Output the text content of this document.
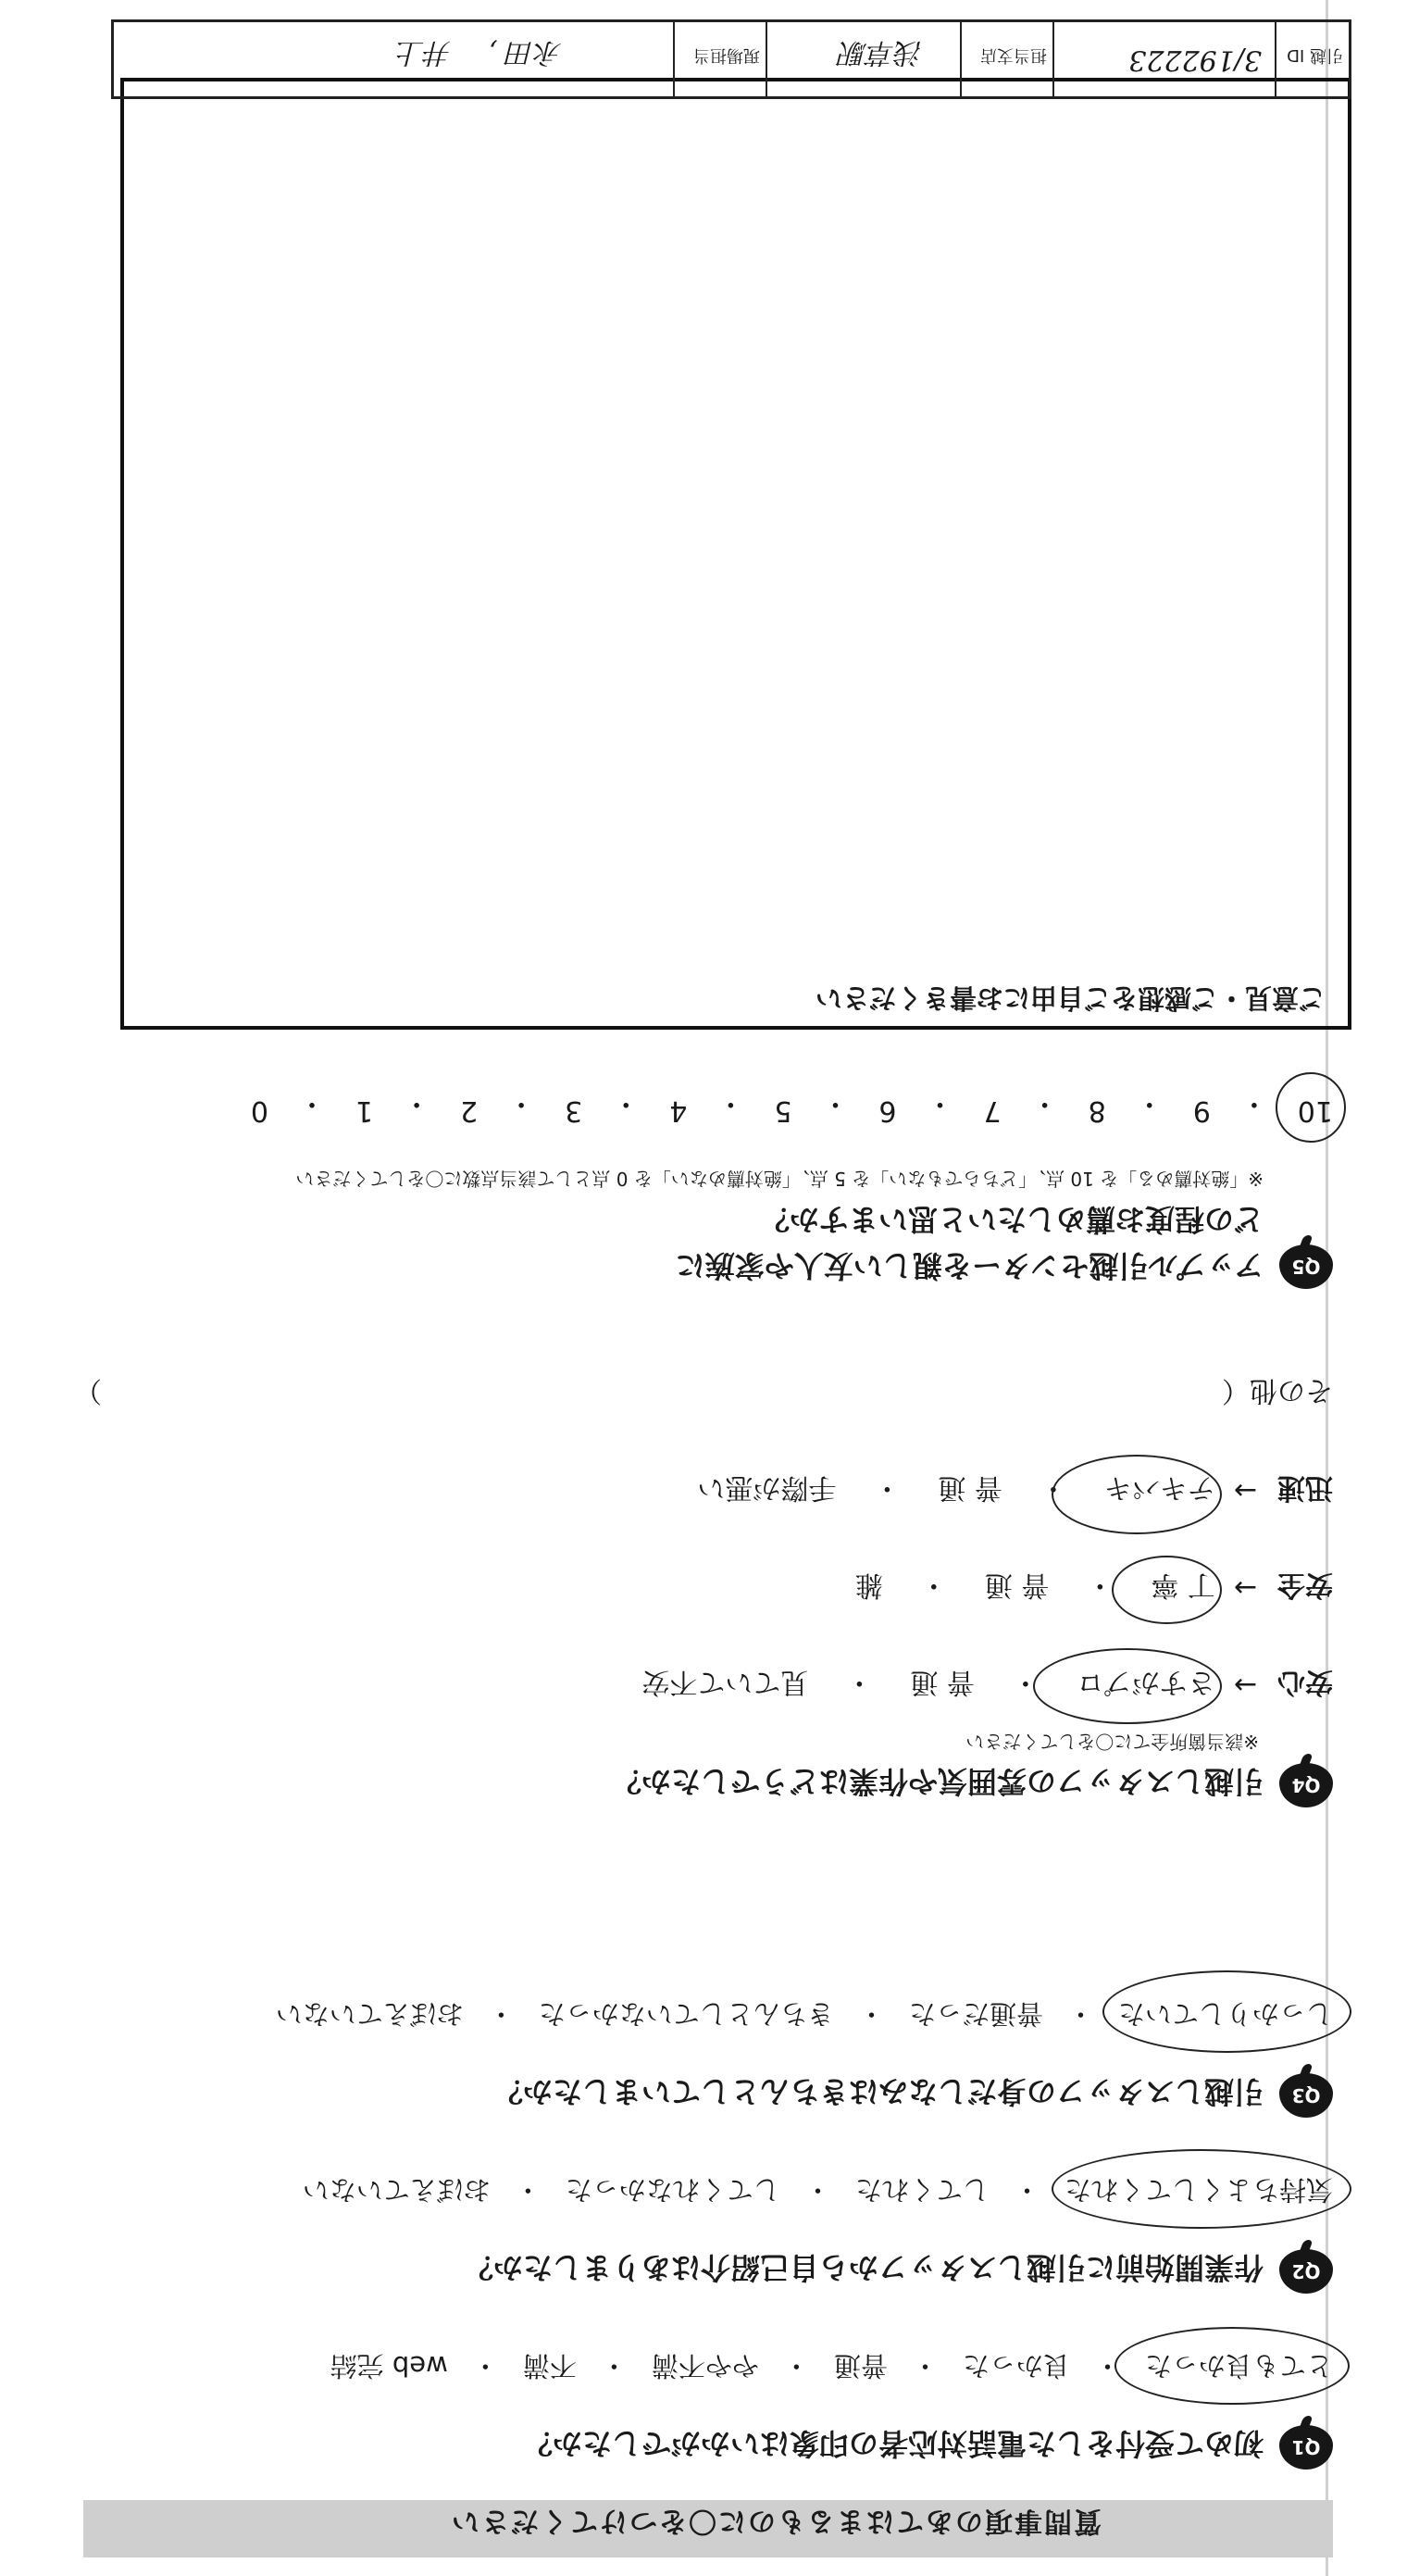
質問事項のあてはまるものに〇をつけてください
Q1
初めて受付をした電話対応者の印象はいかがでしたか？
とても良かった
・
良かった
・
普通
・
やや不満
・
不満
・
web 完結
Q2
作業開始前に引越しスタッフから自己紹介はありましたか？
気持ちよくしてくれた
・
してくれた
・
してくれなかった
・
おぼえていない
Q3
引越しスタッフの身だしなみはきちんとしていましたか？
しっかりしていた
・
普通だった
・
きちんとしていなかった
・
おぼえていない
Q4
引越しスタッフの雰囲気や作業はどうでしたか？
※該当箇所全てに〇をしてください
安心
→
さすがプロ
・
普 通
・
見ていて不安
安全
→
丁 寧
・
普 通
・
雑
迅速
→
テキパキ
・
普 通
・
手際が悪い
その他（
）
Q5
アップル引越センターを親しい友人や家族に
どの程度お薦めしたいと思いますか？
※「絶対薦める」を 10 点、「どちらでもない」を 5 点、「絶対薦めない」を 0 点として該当点数に〇をしてください
10
・
9
・
8
・
7
・
6
・
5
・
4
・
3
・
2
・
1
・
0
ご意見・ご感想をご自由にお書きください
引越 ID
3/192223
担当支店
浅草駅
現場担当
永田 ,　 井上
